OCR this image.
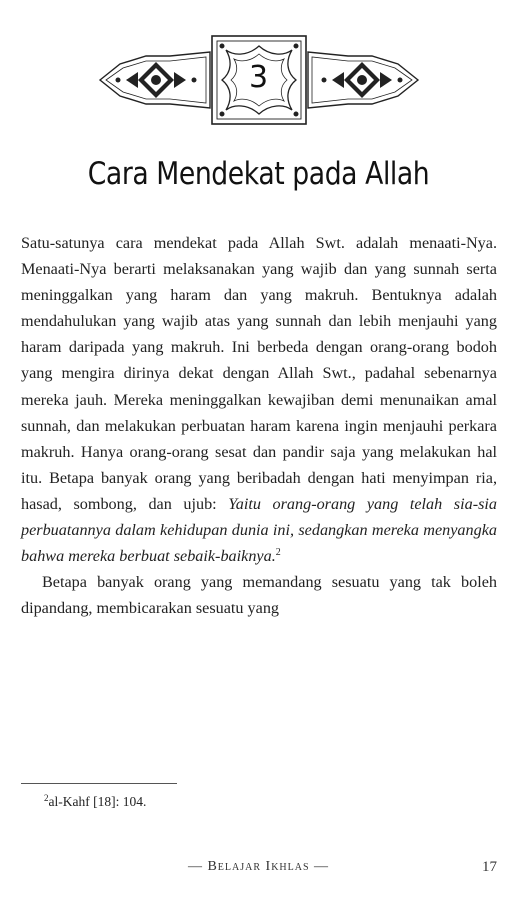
3
Cara Mendekat pada Allah

Satu-satunya cara mendekat pada Allah Swt. adalah menaati-Nya. Menaati-Nya berarti melaksanakan yang wajib dan yang sunnah serta meninggalkan yang haram dan yang makruh. Bentuknya adalah mendahulukan yang wajib atas yang sunnah dan lebih menjauhi yang haram daripada yang makruh. Ini berbeda dengan orang-orang bodoh yang mengira dirinya dekat dengan Allah Swt., padahal sebenarnya mereka jauh. Mereka meninggalkan kewajiban demi menunaikan amal sunnah, dan melakukan perbuatan haram karena ingin menjauhi perkara makruh. Hanya orang-orang sesat dan pandir saja yang melakukan hal itu. Betapa banyak orang yang beribadah dengan hati menyimpan ria, hasad, sombong, dan ujub: Yaitu orang-orang yang telah sia-sia perbuatannya dalam kehidupan dunia ini, sedangkan mereka menyangka bahwa mereka berbuat sebaik-baiknya.$^2$

Betapa banyak orang yang memandang sesuatu yang tak boleh dipandang, membicarakan sesuatu yang

$^2$al-Kahf [18]: 104.
— Belajar Ikhlas —	17
